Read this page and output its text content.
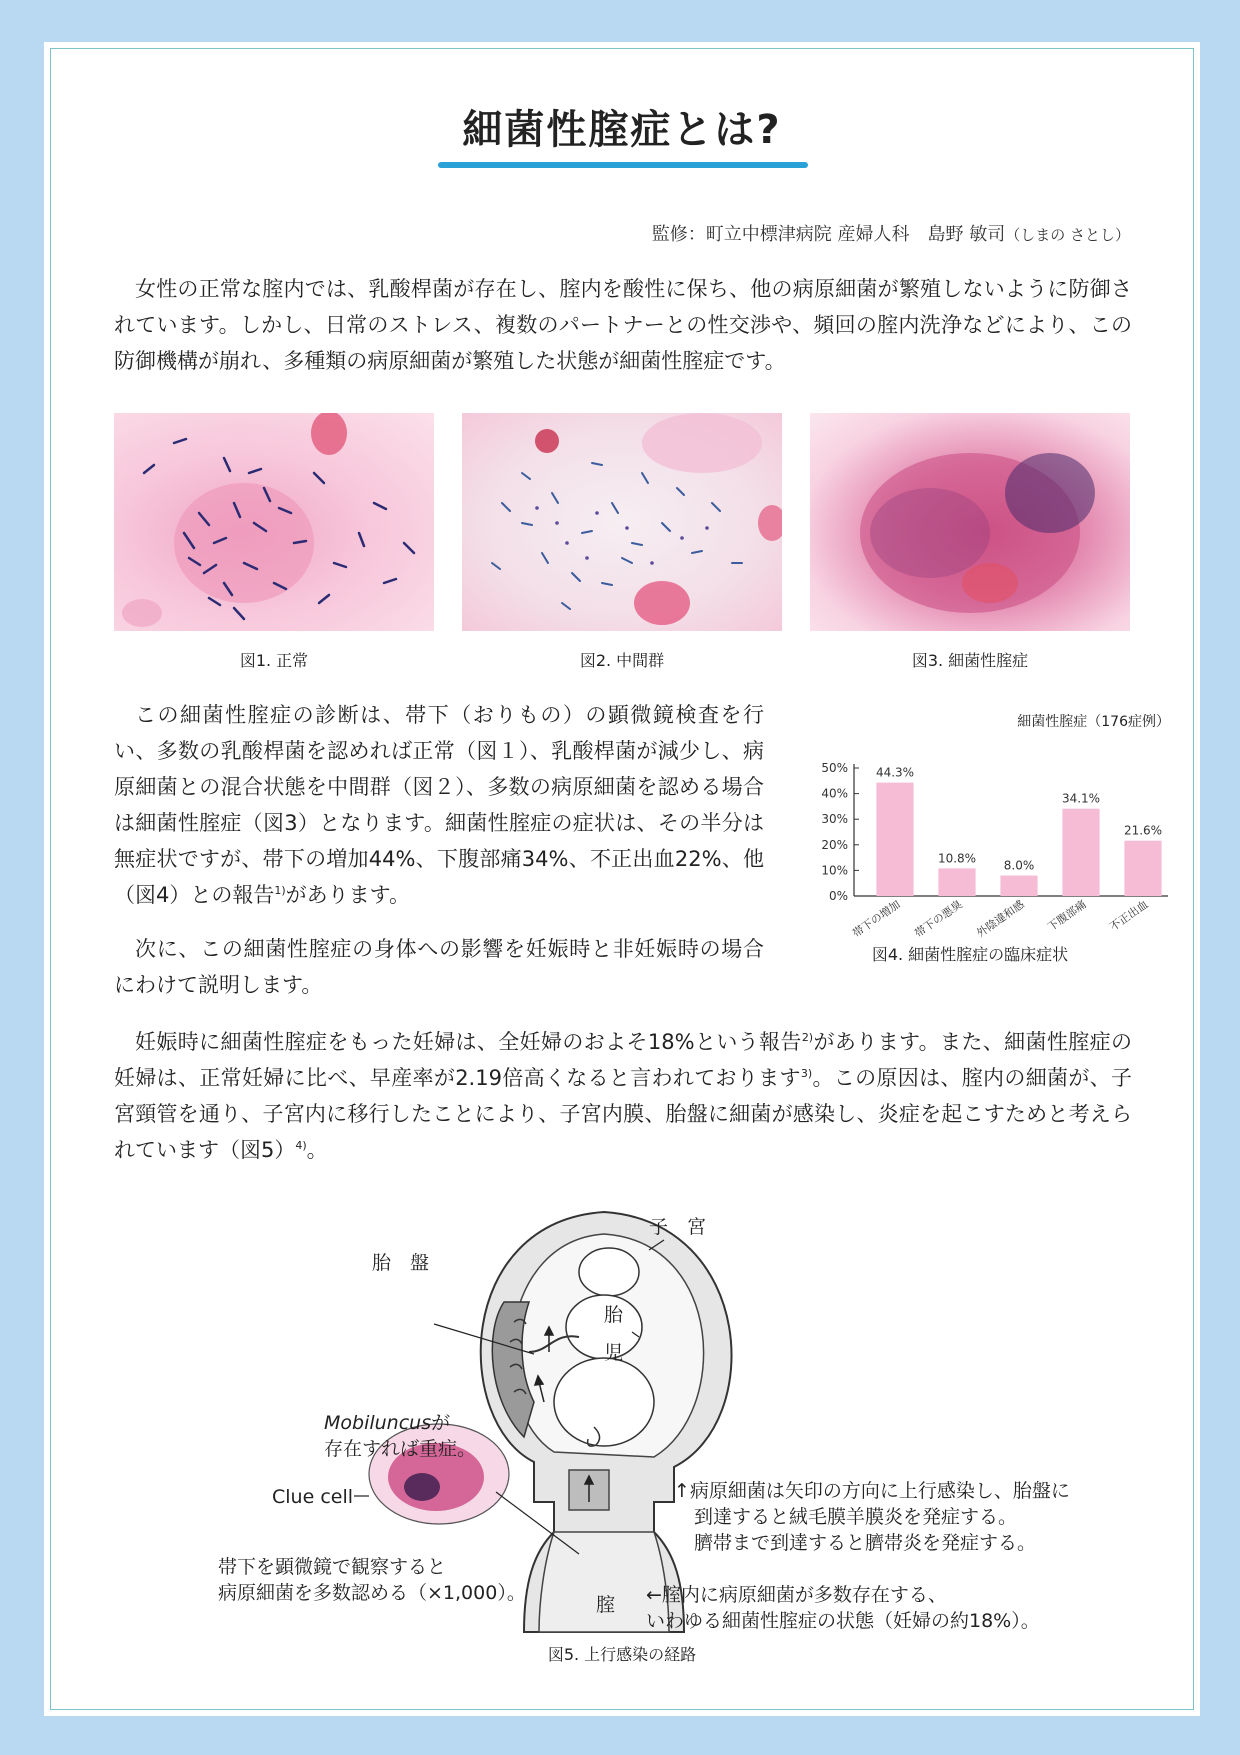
細菌性腟症とは?
監修：町立中標津病院 産婦人科　島野 敏司（しまの さとし）

女性の正常な腟内では、乳酸桿菌が存在し、腟内を酸性に保ち、他の病原細菌が繁殖しないように防御されています。しかし、日常のストレス、複数のパートナーとの性交渉や、頻回の腟内洗浄などにより、この防御機構が崩れ、多種類の病原細菌が繁殖した状態が細菌性腟症です。

図1. 正常	図2. 中間群	図3. 細菌性腟症

この細菌性腟症の診断は、帯下（おりもの）の顕微鏡検査を行い、多数の乳酸桿菌を認めれば正常（図１）、乳酸桿菌が減少し、病原細菌との混合状態を中間群（図２）、多数の病原細菌を認める場合は細菌性腟症（図3）となります。細菌性腟症の症状は、その半分は無症状ですが、帯下の増加44%、下腹部痛34%、不正出血22%、他（図4）との報告$^{1)}$があります。

細菌性腟症（176症例）
0%
10%
20%
30%
40%
50% 44.3%
帯下の増加
10.8%
帯下の悪臭
8.0%
外陰違和感
34.1%
下腹部痛
21.6%
不正出血
図4. 細菌性腟症の臨床症状

次に、この細菌性腟症の身体への影響を妊娠時と非妊娠時の場合にわけて説明します。

妊娠時に細菌性腟症をもった妊婦は、全妊婦のおよそ18%という報告$^{2)}$があります。また、細菌性腟症の妊婦は、正常妊婦に比べ、早産率が2.19倍高くなると言われております$^{3)}$。この原因は、腟内の細菌が、子宮頸管を通り、子宮内に移行したことにより、子宮内膜、胎盤に細菌が感染し、炎症を起こすためと考えられています（図5）$^{4)}$。

子　宮
胎　盤
胎
児
腟
Mobiluncusが
存在すれば重症。
Clue cell
帯下を顕微鏡で観察すると
病原細菌を多数認める（×1,000）。
↑病原細菌は矢印の方向に上行感染し、胎盤に
到達すると絨毛膜羊膜炎を発症する。
臍帯まで到達すると臍帯炎を発症する。
←腟内に病原細菌が多数存在する、
いわゆる細菌性腟症の状態（妊婦の約18%）。
図5. 上行感染の経路
